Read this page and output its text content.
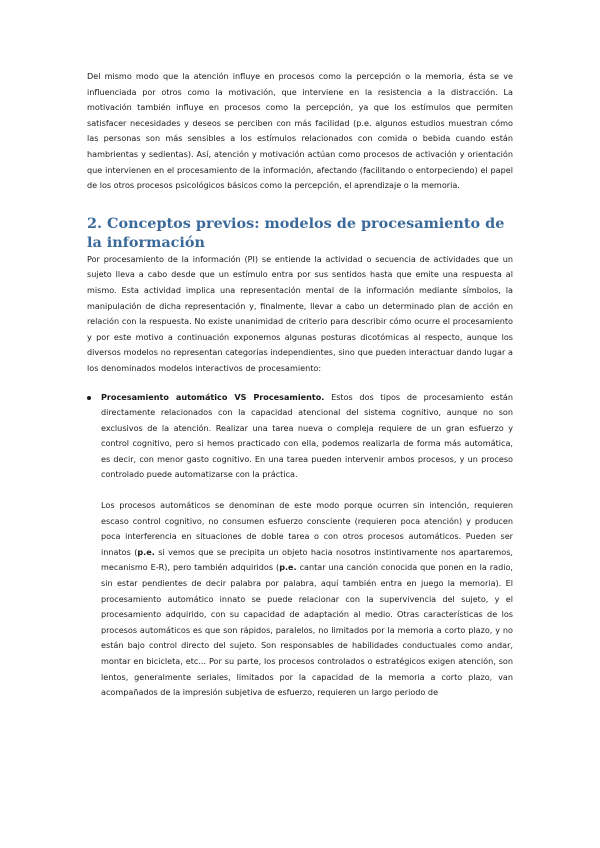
Del mismo modo que la atención influye en procesos como la percepción o la memoria, ésta se ve influenciada por otros como la motivación, que interviene en la resistencia a la distracción. La motivación también influye en procesos como la percepción, ya que los estímulos que permiten satisfacer necesidades y deseos se perciben con más facilidad (p.e. algunos estudios muestran cómo las personas son más sensibles a los estímulos relacionados con comida o bebida cuando están hambrientas y sedientas). Así, atención y motivación actúan como procesos de activación y orientación que intervienen en el procesamiento de la información, afectando (facilitando o entorpeciendo) el papel de los otros procesos psicológicos básicos como la percepción, el aprendizaje o la memoria.

2. Conceptos previos: modelos de procesamiento de la información

Por procesamiento de la información (PI) se entiende la actividad o secuencia de actividades que un sujeto lleva a cabo desde que un estímulo entra por sus sentidos hasta que emite una respuesta al mismo. Esta actividad implica una representación mental de la información mediante símbolos, la manipulación de dicha representación y, finalmente, llevar a cabo un determinado plan de acción en relación con la respuesta. No existe unanimidad de criterio para describir cómo ocurre el procesamiento y por este motivo a continuación exponemos algunas posturas dicotómicas al respecto, aunque los diversos modelos no representan categorías independientes, sino que pueden interactuar dando lugar a los denominados modelos interactivos de procesamiento:

Procesamiento automático VS Procesamiento. Estos dos tipos de procesamiento están directamente relacionados con la capacidad atencional del sistema cognitivo, aunque no son exclusivos de la atención. Realizar una tarea nueva o compleja requiere de un gran esfuerzo y control cognitivo, pero si hemos practicado con ella, podemos realizarla de forma más automática, es decir, con menor gasto cognitivo. En una tarea pueden intervenir ambos procesos, y un proceso controlado puede automatizarse con la práctica.

Los procesos automáticos se denominan de este modo porque ocurren sin intención, requieren escaso control cognitivo, no consumen esfuerzo consciente (requieren poca atención) y producen poca interferencia en situaciones de doble tarea o con otros procesos automáticos. Pueden ser innatos (p.e. si vemos que se precipita un objeto hacia nosotros instintivamente nos apartaremos, mecanismo E-R), pero también adquiridos (p.e. cantar una canción conocida que ponen en la radio, sin estar pendientes de decir palabra por palabra, aquí también entra en juego la memoria). El procesamiento automático innato se puede relacionar con la supervivencia del sujeto, y el procesamiento adquirido, con su capacidad de adaptación al medio. Otras características de los procesos automáticos es que son rápidos, paralelos, no limitados por la memoria a corto plazo, y no están bajo control directo del sujeto. Son responsables de habilidades conductuales como andar, montar en bicicleta, etc... Por su parte, los procesos controlados o estratégicos exigen atención, son lentos, generalmente seriales, limitados por la capacidad de la memoria a corto plazo, van acompañados de la impresión subjetiva de esfuerzo, requieren un largo periodo de
